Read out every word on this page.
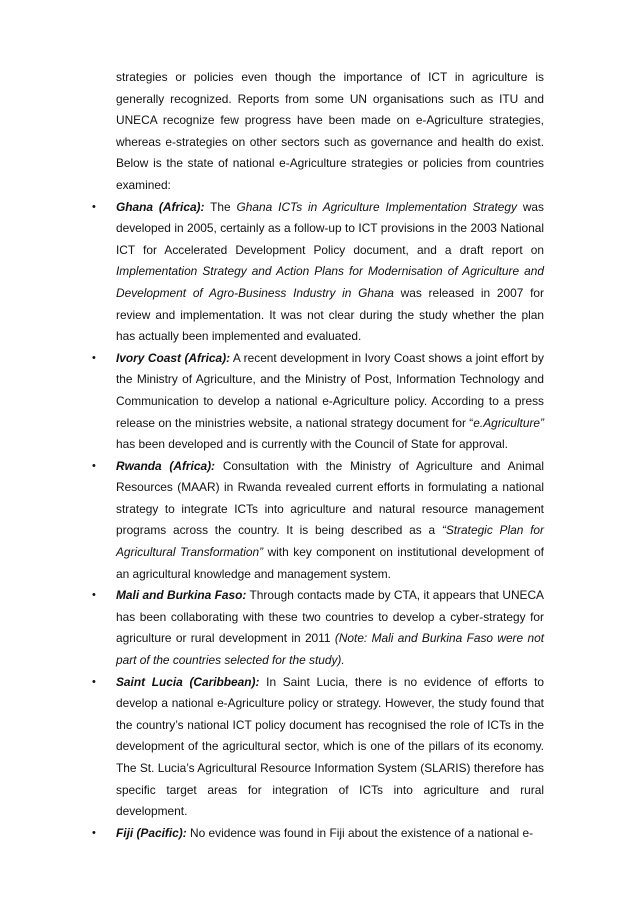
strategies or policies even though the importance of ICT in agriculture is generally recognized. Reports from some UN organisations such as ITU and UNECA recognize few progress have been made on e-Agriculture strategies, whereas e-strategies on other sectors such as governance and health do exist. Below is the state of national e-Agriculture strategies or policies from countries examined:

• Ghana (Africa): The Ghana ICTs in Agriculture Implementation Strategy was developed in 2005, certainly as a follow-up to ICT provisions in the 2003 National ICT for Accelerated Development Policy document, and a draft report on Implementation Strategy and Action Plans for Modernisation of Agriculture and Development of Agro-Business Industry in Ghana was released in 2007 for review and implementation. It was not clear during the study whether the plan has actually been implemented and evaluated.
• Ivory Coast (Africa): A recent development in Ivory Coast shows a joint effort by the Ministry of Agriculture, and the Ministry of Post, Information Technology and Communication to develop a national e-Agriculture policy. According to a press release on the ministries website, a national strategy document for “e.Agriculture” has been developed and is currently with the Council of State for approval.
• Rwanda (Africa): Consultation with the Ministry of Agriculture and Animal Resources (MAAR) in Rwanda revealed current efforts in formulating a national strategy to integrate ICTs into agriculture and natural resource management programs across the country. It is being described as a “Strategic Plan for Agricultural Transformation” with key component on institutional development of an agricultural knowledge and management system.
• Mali and Burkina Faso: Through contacts made by CTA, it appears that UNECA has been collaborating with these two countries to develop a cyber-strategy for agriculture or rural development in 2011 (Note: Mali and Burkina Faso were not part of the countries selected for the study).
• Saint Lucia (Caribbean): In Saint Lucia, there is no evidence of efforts to develop a national e-Agriculture policy or strategy. However, the study found that the country’s national ICT policy document has recognised the role of ICTs in the development of the agricultural sector, which is one of the pillars of its economy. The St. Lucia’s Agricultural Resource Information System (SLARIS) therefore has specific target areas for integration of ICTs into agriculture and rural development.
• Fiji (Pacific): No evidence was found in Fiji about the existence of a national e-
